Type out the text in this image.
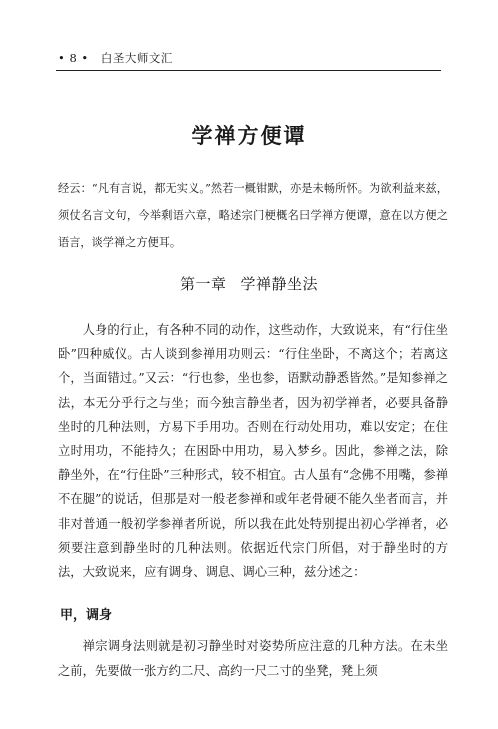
• 8 • 白圣大师文汇
学禅方便谭

经云：“凡有言说，都无实义。”然若一概钳默，亦是未畅所怀。为欲利益来兹，须仗名言文句，今举剩语六章，略述宗门梗概名曰学禅方便谭，意在以方便之语言，谈学禅之方便耳。

第一章 学禅静坐法

人身的行止，有各种不同的动作，这些动作，大致说来，有“行住坐卧”四种威仪。古人谈到参禅用功则云：“行住坐卧，不离这个；若离这个，当面错过。”又云：“行也参，坐也参，语默动静悉皆然。”是知参禅之法，本无分乎行之与坐；而今独言静坐者，因为初学禅者，必要具备静坐时的几种法则，方易下手用功。否则在行动处用功，难以安定；在住立时用功，不能持久；在困卧中用功，易入梦乡。因此，参禅之法，除静坐外，在“行住卧”三种形式，较不相宜。古人虽有“念佛不用嘴，参禅不在腿”的说话，但那是对一般老参禅和或年老骨硬不能久坐者而言，并非对普通一般初学参禅者所说，所以我在此处特别提出初心学禅者，必须要注意到静坐时的几种法则。依据近代宗门所倡，对于静坐时的方法，大致说来，应有调身、调息、调心三种，兹分述之：

甲，调身

禅宗调身法则就是初习静坐时对姿势所应注意的几种方法。在未坐之前，先要做一张方约二尺、高约一尺二寸的坐凳，凳上须
